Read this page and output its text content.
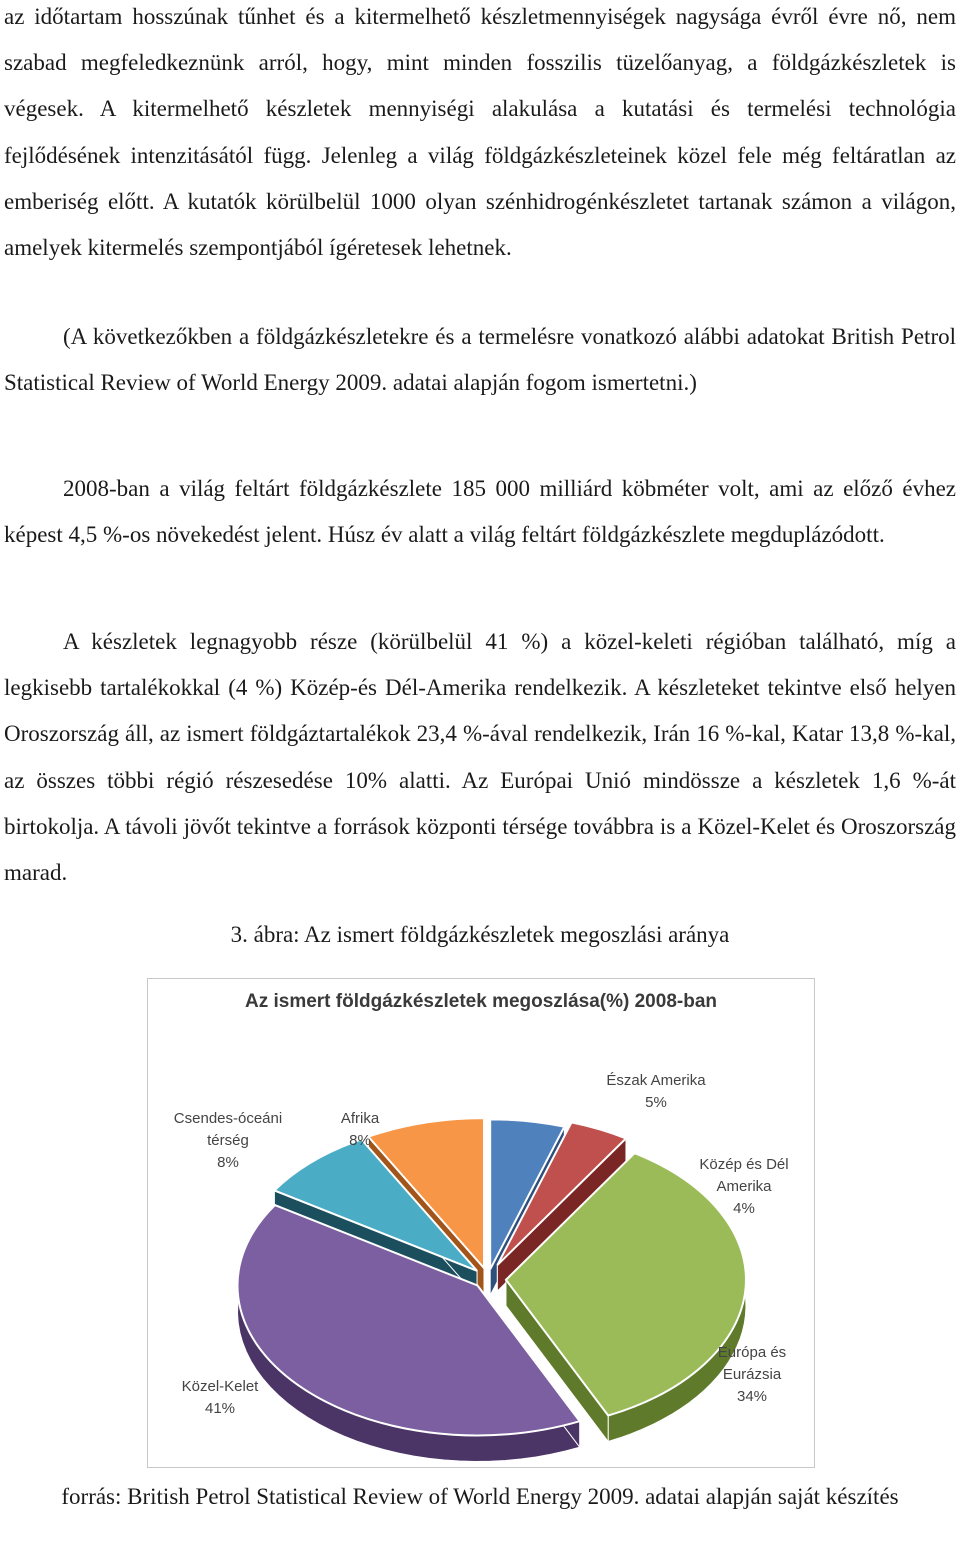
az időtartam hosszúnak tűnhet és a kitermelhető készletmennyiségek nagysága évről évre nő, nem szabad megfeledkeznünk arról, hogy, mint minden fosszilis tüzelőanyag, a földgázkészletek is végesek. A kitermelhető készletek mennyiségi alakulása a kutatási és termelési technológia fejlődésének intenzitásától függ. Jelenleg a világ földgázkészleteinek közel fele még feltáratlan az emberiség előtt. A kutatók körülbelül 1000 olyan szénhidrogénkészletet tartanak számon a világon, amelyek kitermelés szempontjából ígéretesek lehetnek.

(A következőkben a földgázkészletekre és a termelésre vonatkozó alábbi adatokat British Petrol Statistical Review of World Energy 2009. adatai alapján fogom ismertetni.)

2008-ban a világ feltárt földgázkészlete 185 000 milliárd köbméter volt, ami az előző évhez képest 4,5 %-os növekedést jelent. Húsz év alatt a világ feltárt földgázkészlete megduplázódott.

A készletek legnagyobb része (körülbelül 41 %) a közel-keleti régióban található, míg a legkisebb tartalékokkal (4 %) Közép-és Dél-Amerika rendelkezik. A készleteket tekintve első helyen Oroszország áll, az ismert földgáztartalékok 23,4 %-ával rendelkezik, Irán 16 %-kal, Katar 13,8 %-kal, az összes többi régió részesedése 10% alatti. Az Európai Unió mindössze a készletek 1,6 %-át birtokolja. A távoli jövőt tekintve a források központi térsége továbbra is a Közel-Kelet és Oroszország marad.

3. ábra: Az ismert földgázkészletek megoszlási aránya
Az ismert földgázkészletek megoszlása(%) 2008-ban
Észak Amerika
5%
Közép és Dél
Amerika
4%
Európa és
Eurázsia
34%
Közel-Kelet
41%
Csendes-óceáni
térség
8%
Afrika
8%
forrás: British Petrol Statistical Review of World Energy 2009. adatai alapján saját készítés
